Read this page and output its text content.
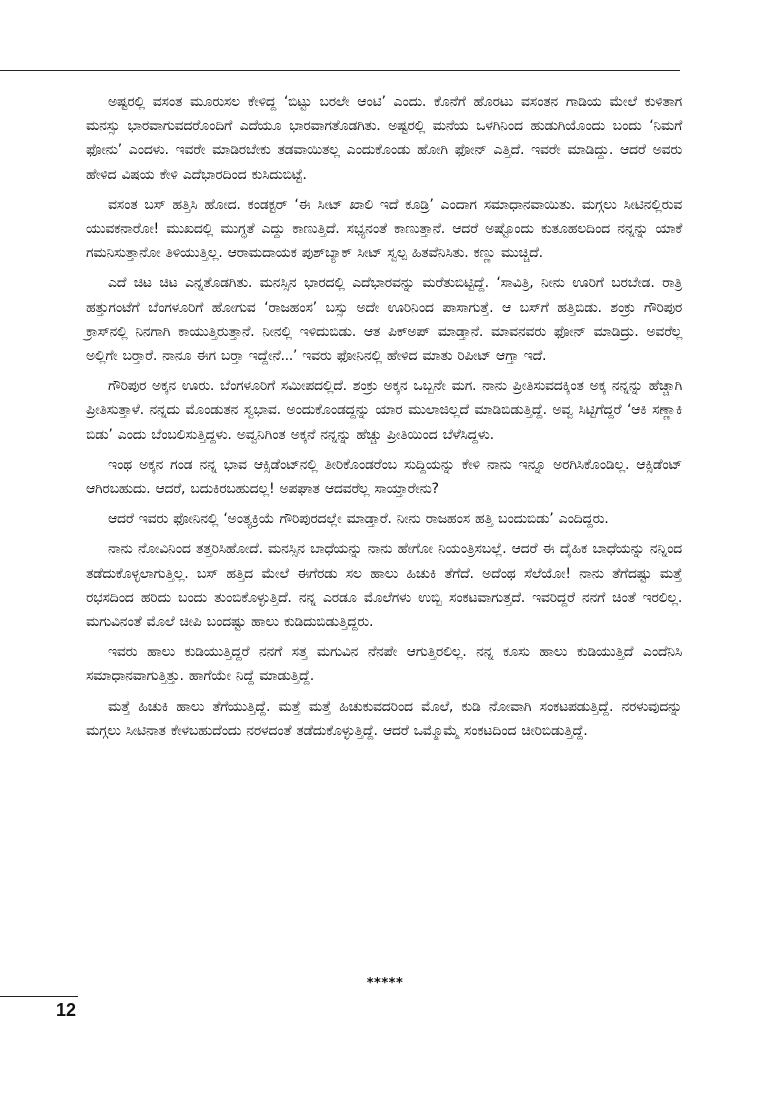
ಅಷ್ಟರಲ್ಲಿ ವಸಂತ ಮೂರುಸಲ ಕೇಳಿದ್ದ ‘ಬಿಟ್ಟು ಬರಲೇ ಆಂಟಿ’ ಎಂದು. ಕೊನೆಗೆ ಹೊರಟು ವಸಂತನ ಗಾಡಿಯ ಮೇಲೆ ಕುಳಿತಾಗ ಮನಸ್ಸು ಭಾರವಾಗುವದರೊಂದಿಗೆ ಎದೆಯೂ ಭಾರವಾಗತೊಡಗಿತು. ಅಷ್ಟರಲ್ಲಿ ಮನೆಯ ಒಳಗಿನಿಂದ ಹುಡುಗಿಯೊಂದು ಬಂದು ‘ನಿಮಗೆ ಫೋನು’ ಎಂದಳು. ಇವರೇ ಮಾಡಿರಬೇಕು ತಡವಾಯಿತಲ್ಲ ಎಂದುಕೊಂಡು ಹೋಗಿ ಫೋನ್ ಎತ್ತಿದೆ. ಇವರೇ ಮಾಡಿದ್ದು. ಆದರೆ ಅವರು ಹೇಳಿದ ವಿಷಯ ಕೇಳಿ ಎದೆಭಾರದಿಂದ ಕುಸಿದುಬಿಟ್ಟೆ.

ವಸಂತ ಬಸ್ ಹತ್ತಿಸಿ ಹೋದ. ಕಂಡಕ್ಟರ್ ‘ಈ ಸೀಟ್ ಖಾಲಿ ಇದೆ ಕೂಡ್ರಿ’ ಎಂದಾಗ ಸಮಾಧಾನವಾಯಿತು. ಮಗ್ಗಲು ಸೀಟಿನಲ್ಲಿರುವ ಯುವಕನಾರೋ! ಮುಖದಲ್ಲಿ ಮುಗ್ಧತೆ ಎದ್ದು ಕಾಣುತ್ತಿದೆ. ಸಭ್ಯನಂತೆ ಕಾಣುತ್ತಾನೆ. ಆದರೆ ಅಷ್ಟೊಂದು ಕುತೂಹಲದಿಂದ ನನ್ನನ್ನು ಯಾಕೆ ಗಮನಿಸುತ್ತಾನೋ ತಿಳಿಯುತ್ತಿಲ್ಲ. ಆರಾಮದಾಯಕ ಪುಶ್‌ಬ್ಯಾಕ್ ಸೀಟ್ ಸ್ವಲ್ಪ ಹಿತವೆನಿಸಿತು. ಕಣ್ಣು ಮುಚ್ಚಿದೆ.

ಎದೆ ಚಿಟ ಚಿಟ ಎನ್ನತೊಡಗಿತು. ಮನಸ್ಸಿನ ಭಾರದಲ್ಲಿ ಎದೆಭಾರವನ್ನು ಮರೆತುಬಿಟ್ಟಿದ್ದೆ. ‘ಸಾವಿತ್ರಿ, ನೀನು ಊರಿಗೆ ಬರಬೇಡ. ರಾತ್ರಿ ಹತ್ತುಗಂಟೆಗೆ ಬೆಂಗಳೂರಿಗೆ ಹೋಗುವ ‘ರಾಜಹಂಸ’ ಬಸ್ಸು ಅದೇ ಊರಿನಿಂದ ಪಾಸಾಗುತ್ತೆ. ಆ ಬಸ್‌ಗೆ ಹತ್ತಿಬಿಡು. ಶಂಕ್ರು ಗೌರಿಪುರ ಕ್ರಾಸ್‌ನಲ್ಲಿ ನಿನಗಾಗಿ ಕಾಯುತ್ತಿರುತ್ತಾನೆ. ನೀನಲ್ಲಿ ಇಳಿದುಬಿಡು. ಆತ ಪಿಕ್‌ಅಪ್ ಮಾಡ್ತಾನೆ. ಮಾವನವರು ಫೋನ್ ಮಾಡಿದ್ರು. ಅವರೆಲ್ಲ ಅಲ್ಲಿಗೇ ಬರ್‍ತಾರೆ. ನಾನೂ ಈಗ ಬರ್‍ತಾ ಇದ್ದೇನೆ...’ ಇವರು ಫೋನಿನಲ್ಲಿ ಹೇಳಿದ ಮಾತು ರಿಪೀಟ್ ಆಗ್ತಾ ಇದೆ.

ಗೌರಿಪುರ ಅಕ್ಕನ ಊರು. ಬೆಂಗಳೂರಿಗೆ ಸಮೀಪದಲ್ಲಿದೆ. ಶಂಕ್ರು ಅಕ್ಕನ ಒಬ್ಬನೇ ಮಗ. ನಾನು ಪ್ರೀತಿಸುವದಕ್ಕಿಂತ ಅಕ್ಕ ನನ್ನನ್ನು ಹೆಚ್ಚಾಗಿ ಪ್ರೀತಿಸುತ್ತಾಳೆ. ನನ್ನದು ಮೊಂಡುತನ ಸ್ವಭಾವ. ಅಂದುಕೊಂಡದ್ದನ್ನು ಯಾರ ಮುಲಾಜಿಲ್ಲದೆ ಮಾಡಿಬಿಡುತ್ತಿದ್ದೆ. ಅವ್ವ ಸಿಟ್ಟಿಗೆದ್ದರೆ ‘ಆಕಿ ಸಣ್ಣಾಕಿ ಬಿಡು’ ಎಂದು ಬೆಂಬಲಿಸುತ್ತಿದ್ದಳು. ಅವ್ವನಿಗಿಂತ ಅಕ್ಕನೆ ನನ್ನನ್ನು ಹೆಚ್ಚು ಪ್ರೀತಿಯಿಂದ ಬೆಳೆಸಿದ್ದಳು.

ಇಂಥ ಅಕ್ಕನ ಗಂಡ ನನ್ನ ಭಾವ ಆಕ್ಸಿಡೆಂಟ್‌ನಲ್ಲಿ ತೀರಿಕೊಂಡರೆಂಬ ಸುದ್ದಿಯನ್ನು ಕೇಳಿ ನಾನು ಇನ್ನೂ ಅರಗಿಸಿಕೊಂಡಿಲ್ಲ. ಆಕ್ಸಿಡೆಂಟ್ ಆಗಿರಬಹುದು. ಆದರೆ, ಬದುಕಿರಬಹುದಲ್ಲ! ಅಪಘಾತ ಆದವರೆಲ್ಲ ಸಾಯ್ತಾರೇನು?

ಆದರೆ ಇವರು ಫೋನಿನಲ್ಲಿ ‘ಅಂತ್ಯಕ್ರಿಯೆ ಗೌರಿಪುರದಲ್ಲೇ ಮಾಡ್ತಾರೆ. ನೀನು ರಾಜಹಂಸ ಹತ್ತಿ ಬಂದುಬಿಡು’ ಎಂದಿದ್ದರು.

ನಾನು ನೋವಿನಿಂದ ತತ್ತರಿಸಿಹೋದೆ. ಮನಸ್ಸಿನ ಬಾಧೆಯನ್ನು ನಾನು ಹೇಗೋ ನಿಯಂತ್ರಿಸಬಲ್ಲೆ. ಆದರೆ ಈ ದೈಹಿಕ ಬಾಧೆಯನ್ನು ನನ್ನಿಂದ ತಡೆದುಕೊಳ್ಳಲಾಗುತ್ತಿಲ್ಲ. ಬಸ್ ಹತ್ತಿದ ಮೇಲೆ ಈಗೆರಡು ಸಲ ಹಾಲು ಹಿಚುಕಿ ತೆಗೆದೆ. ಅದೆಂಥ ಸೆಲೆಯೋ! ನಾನು ತೆಗೆದಷ್ಟು ಮತ್ತೆ ರಭಸದಿಂದ ಹರಿದು ಬಂದು ತುಂಬಿಕೊಳ್ಳುತ್ತಿದೆ. ನನ್ನ ಎರಡೂ ಮೊಲೆಗಳು ಉಬ್ಬಿ ಸಂಕಟವಾಗುತ್ತದೆ. ಇವರಿದ್ದರೆ ನನಗೆ ಚಿಂತೆ ಇರಲಿಲ್ಲ. ಮಗುವಿನಂತೆ ಮೊಲೆ ಚೀಪಿ ಬಂದಷ್ಟು ಹಾಲು ಕುಡಿದುಬಿಡುತ್ತಿದ್ದರು.

ಇವರು ಹಾಲು ಕುಡಿಯುತ್ತಿದ್ದರೆ ನನಗೆ ಸತ್ತ ಮಗುವಿನ ನೆನಪೇ ಆಗುತ್ತಿರಲಿಲ್ಲ. ನನ್ನ ಕೂಸು ಹಾಲು ಕುಡಿಯುತ್ತಿದೆ ಎಂದೆನಿಸಿ ಸಮಾಧಾನವಾಗುತ್ತಿತ್ತು. ಹಾಗೆಯೇ ನಿದ್ದೆ ಮಾಡುತ್ತಿದ್ದೆ.

ಮತ್ತೆ ಹಿಚುಕಿ ಹಾಲು ತೆಗೆಯುತ್ತಿದ್ದೆ. ಮತ್ತೆ ಮತ್ತೆ ಹಿಚುಕುವದರಿಂದ ಮೊಲೆ, ಕುಡಿ ನೋವಾಗಿ ಸಂಕಟಪಡುತ್ತಿದ್ದೆ. ನರಳುವುದನ್ನು ಮಗ್ಗಲು ಸೀಟಿನಾತ ಕೇಳಬಹುದೆಂದು ನರಳದಂತೆ ತಡೆದುಕೊಳ್ಳುತ್ತಿದ್ದೆ. ಆದರೆ ಒಮ್ಮೊಮ್ಮೆ ಸಂಕಟದಿಂದ ಚೀರಿಬಿಡುತ್ತಿದ್ದೆ.

*****
12
